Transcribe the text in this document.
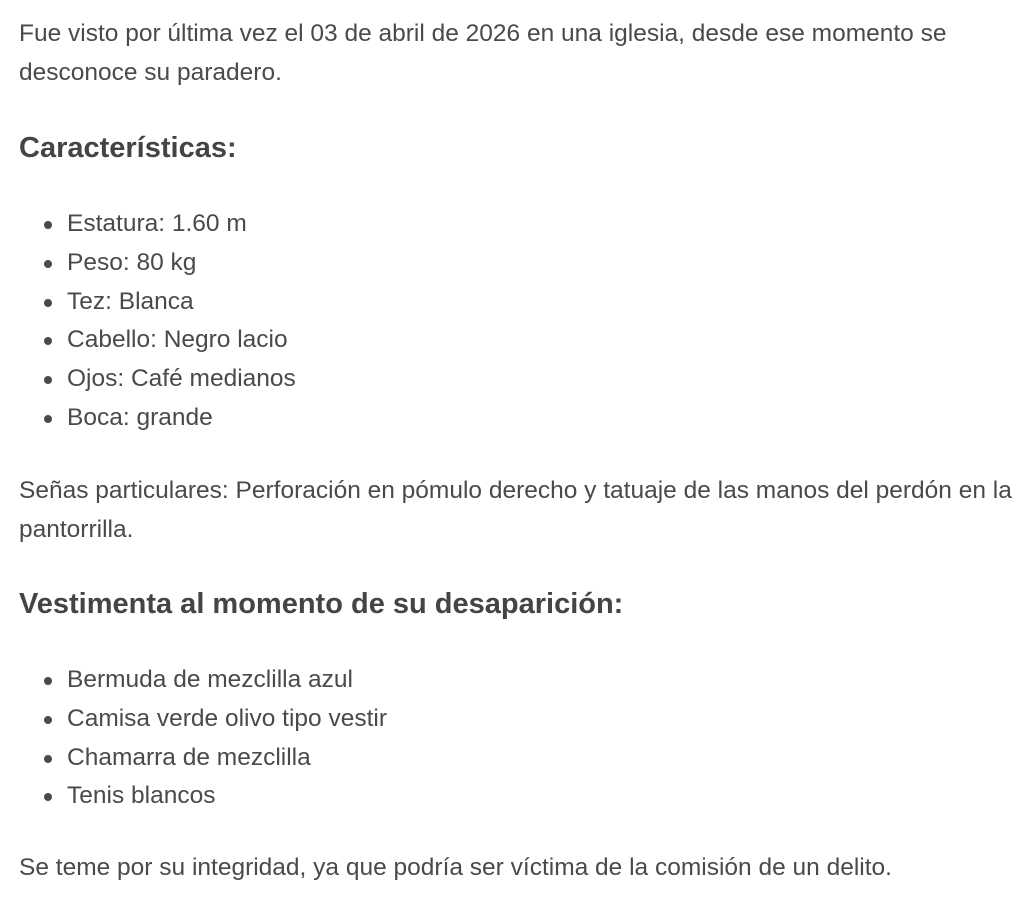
Fue visto por última vez el 03 de abril de 2026 en una iglesia, desde ese momento se desconoce su paradero.

Características:
Estatura: 1.60 m
Peso: 80 kg
Tez: Blanca
Cabello: Negro lacio
Ojos: Café medianos
Boca: grande

Señas particulares: Perforación en pómulo derecho y tatuaje de las manos del perdón en la pantorrilla.

Vestimenta al momento de su desaparición:
Bermuda de mezclilla azul
Camisa verde olivo tipo vestir
Chamarra de mezclilla
Tenis blancos

Se teme por su integridad, ya que podría ser víctima de la comisión de un delito.
